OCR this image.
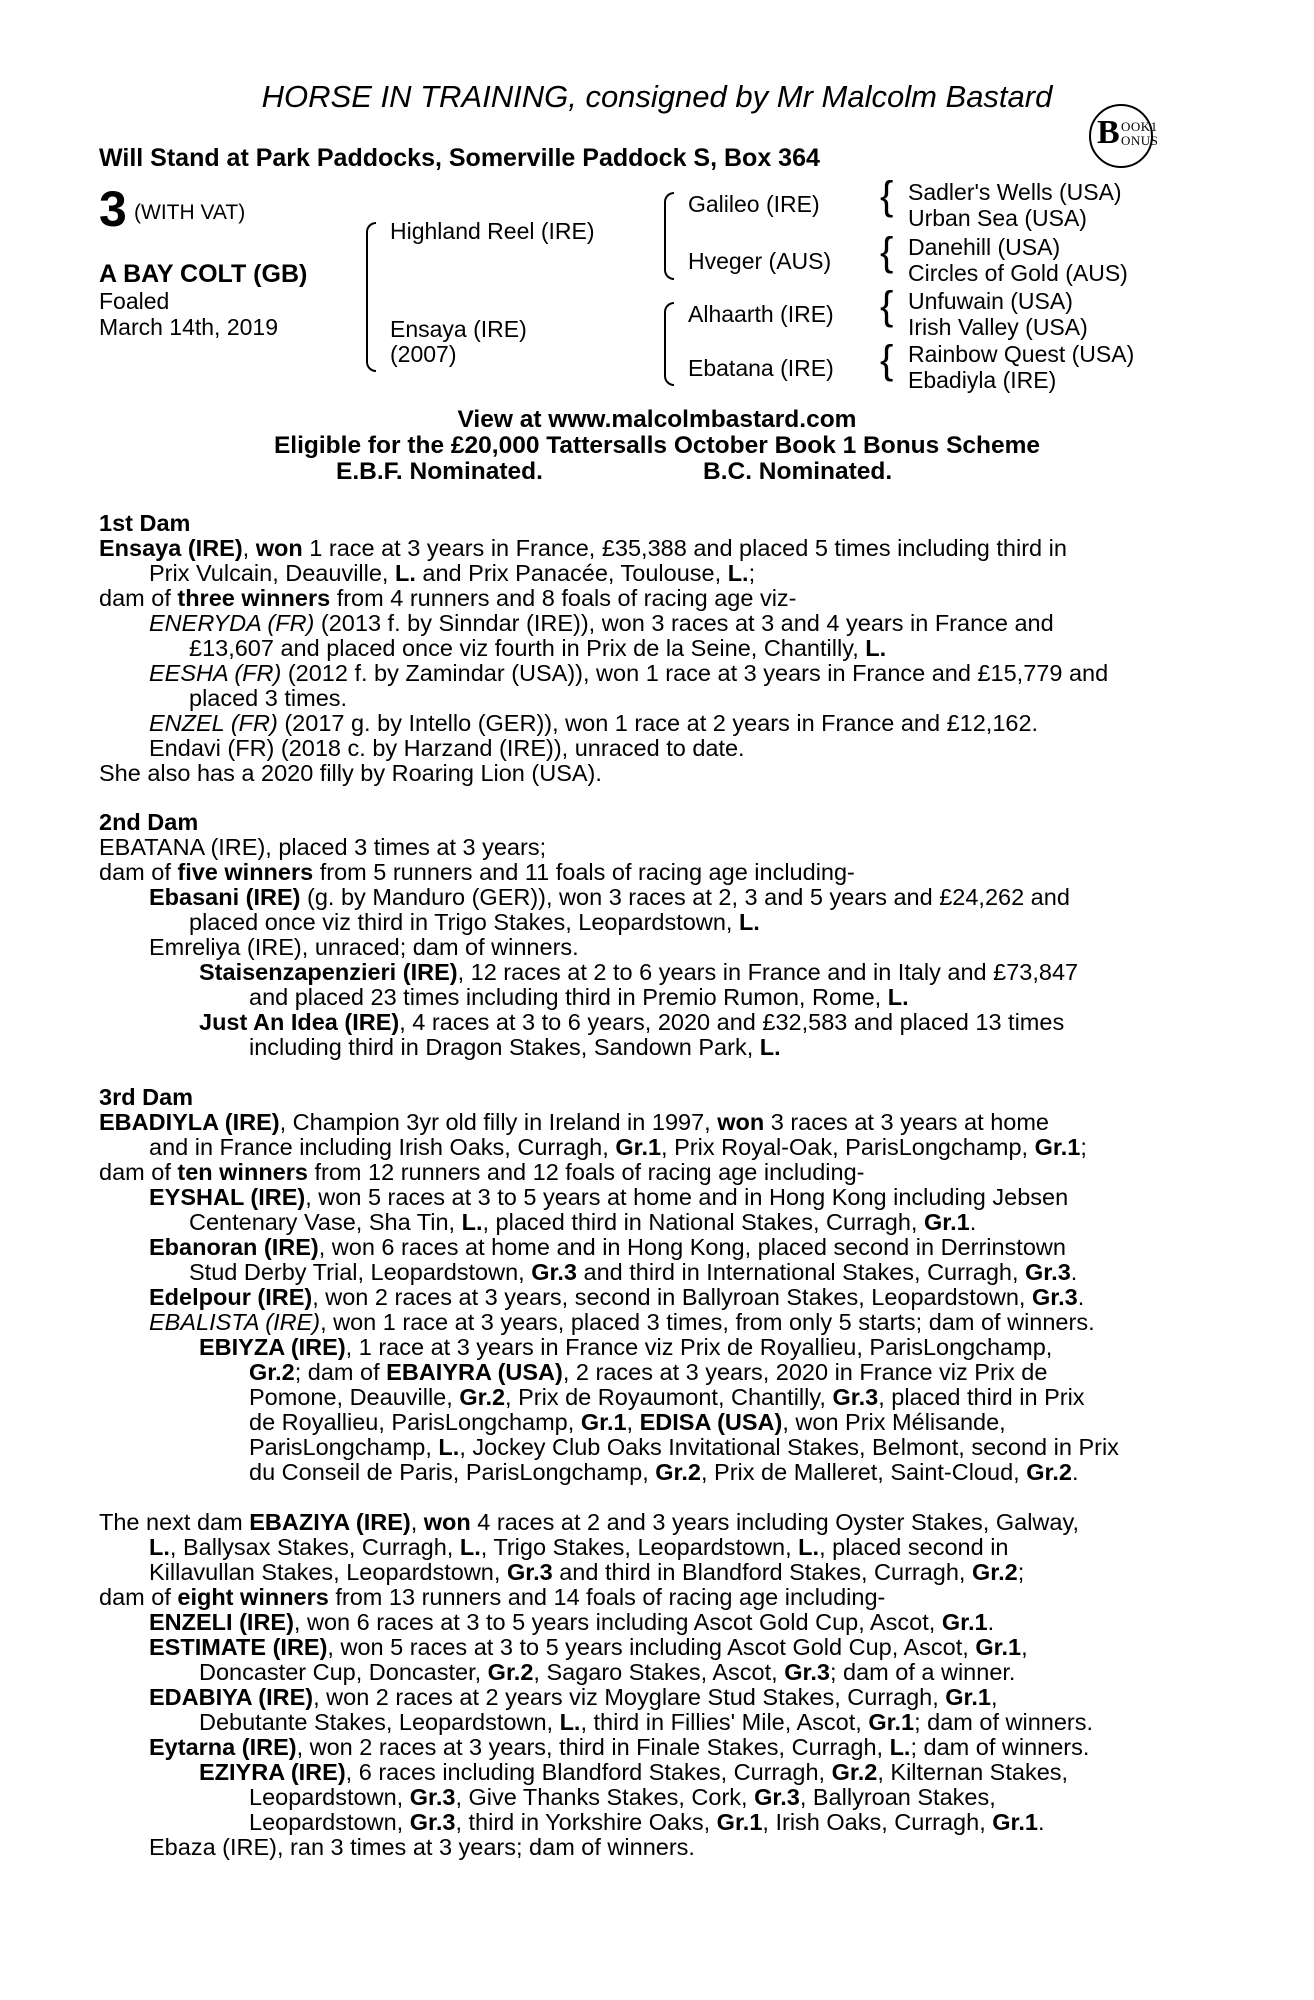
HORSE IN TRAINING, consigned by Mr Malcolm Bastard
B OOK1
ONUS
Will Stand at Park Paddocks, Somerville Paddock S, Box 364
3 (WITH VAT)
A BAY COLT (GB)
Foaled
March 14th, 2019
Highland Reel (IRE)
Ensaya (IRE)
(2007)
Galileo (IRE)
Hveger (AUS)
Alhaarth (IRE)
Ebatana (IRE)
{ Sadler's Wells (USA)
Urban Sea (USA)
{ Danehill (USA)
Circles of Gold (AUS)
{ Unfuwain (USA)
Irish Valley (USA)
{ Rainbow Quest (USA)
Ebadiyla (IRE)
View at www.malcolmbastard.com
Eligible for the £20,000 Tattersalls October Book 1 Bonus Scheme
E.B.F. Nominated.	B.C. Nominated.
1st Dam
Ensaya (IRE), won 1 race at 3 years in France, £35,388 and placed 5 times including third in
Prix Vulcain, Deauville, L. and Prix Panacée, Toulouse, L.;
dam of three winners from 4 runners and 8 foals of racing age viz-
ENERYDA (FR) (2013 f. by Sinndar (IRE)), won 3 races at 3 and 4 years in France and
£13,607 and placed once viz fourth in Prix de la Seine, Chantilly, L.
EESHA (FR) (2012 f. by Zamindar (USA)), won 1 race at 3 years in France and £15,779 and
placed 3 times.
ENZEL (FR) (2017 g. by Intello (GER)), won 1 race at 2 years in France and £12,162.
Endavi (FR) (2018 c. by Harzand (IRE)), unraced to date.
She also has a 2020 filly by Roaring Lion (USA).
2nd Dam
EBATANA (IRE), placed 3 times at 3 years;
dam of five winners from 5 runners and 11 foals of racing age including-
Ebasani (IRE) (g. by Manduro (GER)), won 3 races at 2, 3 and 5 years and £24,262 and
placed once viz third in Trigo Stakes, Leopardstown, L.
Emreliya (IRE), unraced; dam of winners.
Staisenzapenzieri (IRE), 12 races at 2 to 6 years in France and in Italy and £73,847
and placed 23 times including third in Premio Rumon, Rome, L.
Just An Idea (IRE), 4 races at 3 to 6 years, 2020 and £32,583 and placed 13 times
including third in Dragon Stakes, Sandown Park, L.
3rd Dam
EBADIYLA (IRE), Champion 3yr old filly in Ireland in 1997, won 3 races at 3 years at home
and in France including Irish Oaks, Curragh, Gr.1, Prix Royal-Oak, ParisLongchamp, Gr.1;
dam of ten winners from 12 runners and 12 foals of racing age including-
EYSHAL (IRE), won 5 races at 3 to 5 years at home and in Hong Kong including Jebsen
Centenary Vase, Sha Tin, L., placed third in National Stakes, Curragh, Gr.1.
Ebanoran (IRE), won 6 races at home and in Hong Kong, placed second in Derrinstown
Stud Derby Trial, Leopardstown, Gr.3 and third in International Stakes, Curragh, Gr.3.
Edelpour (IRE), won 2 races at 3 years, second in Ballyroan Stakes, Leopardstown, Gr.3.
EBALISTA (IRE), won 1 race at 3 years, placed 3 times, from only 5 starts; dam of winners.
EBIYZA (IRE), 1 race at 3 years in France viz Prix de Royallieu, ParisLongchamp,
Gr.2; dam of EBAIYRA (USA), 2 races at 3 years, 2020 in France viz Prix de
Pomone, Deauville, Gr.2, Prix de Royaumont, Chantilly, Gr.3, placed third in Prix
de Royallieu, ParisLongchamp, Gr.1, EDISA (USA), won Prix Mélisande,
ParisLongchamp, L., Jockey Club Oaks Invitational Stakes, Belmont, second in Prix
du Conseil de Paris, ParisLongchamp, Gr.2, Prix de Malleret, Saint-Cloud, Gr.2.
The next dam EBAZIYA (IRE), won 4 races at 2 and 3 years including Oyster Stakes, Galway,
L., Ballysax Stakes, Curragh, L., Trigo Stakes, Leopardstown, L., placed second in
Killavullan Stakes, Leopardstown, Gr.3 and third in Blandford Stakes, Curragh, Gr.2;
dam of eight winners from 13 runners and 14 foals of racing age including-
ENZELI (IRE), won 6 races at 3 to 5 years including Ascot Gold Cup, Ascot, Gr.1.
ESTIMATE (IRE), won 5 races at 3 to 5 years including Ascot Gold Cup, Ascot, Gr.1,
Doncaster Cup, Doncaster, Gr.2, Sagaro Stakes, Ascot, Gr.3; dam of a winner.
EDABIYA (IRE), won 2 races at 2 years viz Moyglare Stud Stakes, Curragh, Gr.1,
Debutante Stakes, Leopardstown, L., third in Fillies' Mile, Ascot, Gr.1; dam of winners.
Eytarna (IRE), won 2 races at 3 years, third in Finale Stakes, Curragh, L.; dam of winners.
EZIYRA (IRE), 6 races including Blandford Stakes, Curragh, Gr.2, Kilternan Stakes,
Leopardstown, Gr.3, Give Thanks Stakes, Cork, Gr.3, Ballyroan Stakes,
Leopardstown, Gr.3, third in Yorkshire Oaks, Gr.1, Irish Oaks, Curragh, Gr.1.
Ebaza (IRE), ran 3 times at 3 years; dam of winners.
